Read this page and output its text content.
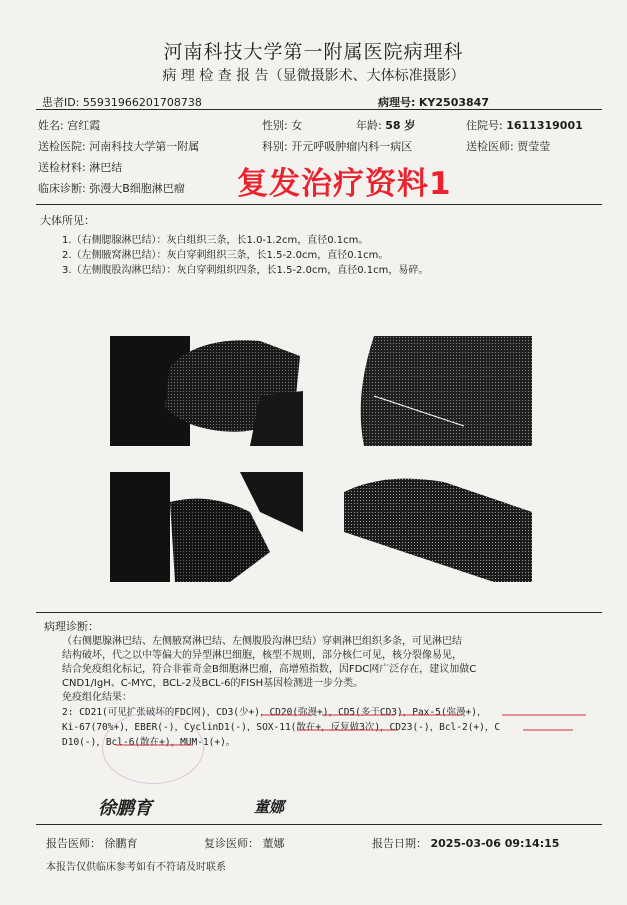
河南科技大学第一附属医院病理科
病 理 检 查 报 告（显微摄影术、大体标准摄影）
患者ID: 55931966201708738	病理号: KY2503847
姓名: 宫红霞	性别: 女	年龄: 58 岁	住院号: 1611319001
送检医院: 河南科技大学第一附属	科别: 开元呼吸肿瘤内科一病区	送检医师: 贾莹莹
送检材料: 淋巴结
临床诊断: 弥漫大B细胞淋巴瘤 复发治疗资料1
大体所见：
1.（右侧腮腺淋巴结）：灰白组织三条，长1.0-1.2cm，直径0.1cm。
2.（左侧腋窝淋巴结）：灰白穿刺组织三条，长1.5-2.0cm，直径0.1cm。
3.（左侧腹股沟淋巴结）：灰白穿刺组织四条，长1.5-2.0cm，直径0.1cm，易碎。
病理诊断：
（右侧腮腺淋巴结、左侧腋窝淋巴结、左侧腹股沟淋巴结）穿刺淋巴组织多条，可见淋巴结
结构破坏，代之以中等偏大的异型淋巴细胞，核型不规则，部分核仁可见，核分裂像易见，
结合免疫组化标记，符合非霍奇金B细胞淋巴瘤，高增殖指数，因FDC网广泛存在，建议加做C
CND1/IgH、C-MYC，BCL-2及BCL-6的FISH基因检测进一步分类。
免疫组化结果：
2: CD21(可见扩张破坏的FDC网)，CD3(少+)，CD20(弥漫+)，CD5(多于CD3)，Pax-5(弥漫+)，
Ki-67(70%+)，EBER(-)，CyclinD1(-)，SOX-11(散在+，反复做3次)，CD23(-)，Bcl-2(+)，C
D10(-)，Bcl-6(散在+)，MUM-1(+)。
徐鹏育	董娜
报告医师： 徐鹏育	复诊医师： 董娜	报告日期： 2025-03-06 09:14:15
本报告仅供临床参考如有不符请及时联系
